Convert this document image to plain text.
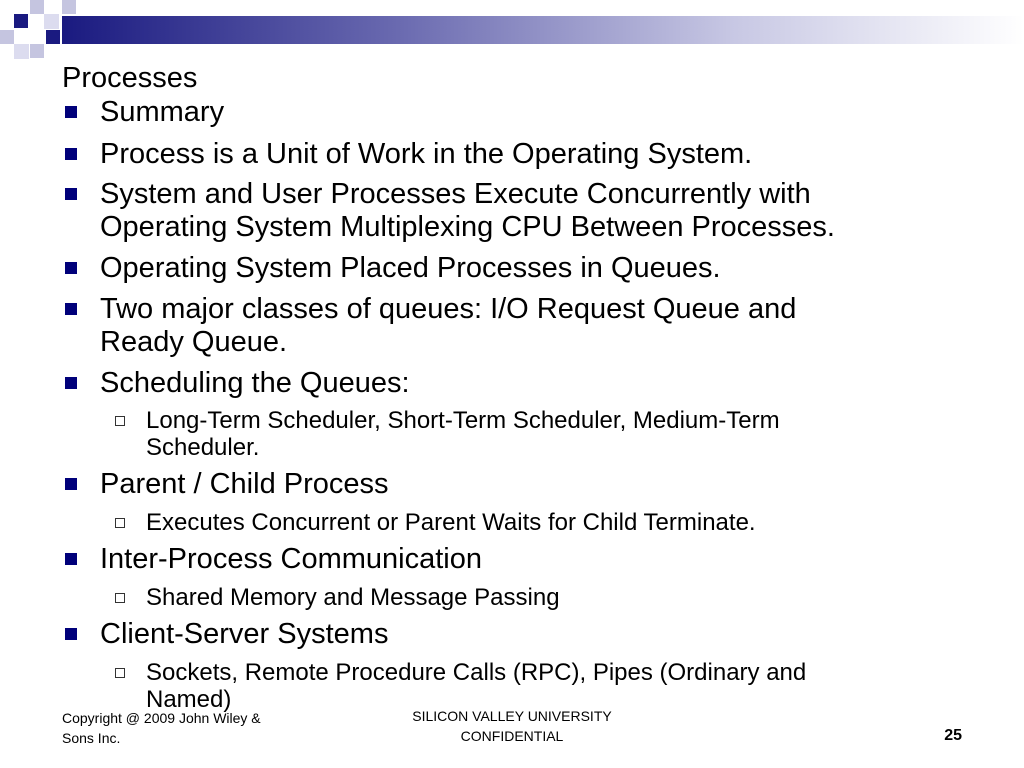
Processes
Summary
Process is a Unit of Work in the Operating System.
System and User Processes Execute Concurrently with
Operating System Multiplexing CPU Between Processes.
Operating System Placed Processes in Queues.
Two major classes of queues: I/O Request Queue and
Ready Queue.
Scheduling the Queues:
Long-Term Scheduler, Short-Term Scheduler, Medium-Term
Scheduler.
Parent / Child Process
Executes Concurrent or Parent Waits for Child Terminate.
Inter-Process Communication
Shared Memory and Message Passing
Client-Server Systems
Sockets, Remote Procedure Calls (RPC), Pipes (Ordinary and
Named)
Copyright @ 2009 John Wiley & Sons Inc.
SILICON VALLEY UNIVERSITY
CONFIDENTIAL	25
